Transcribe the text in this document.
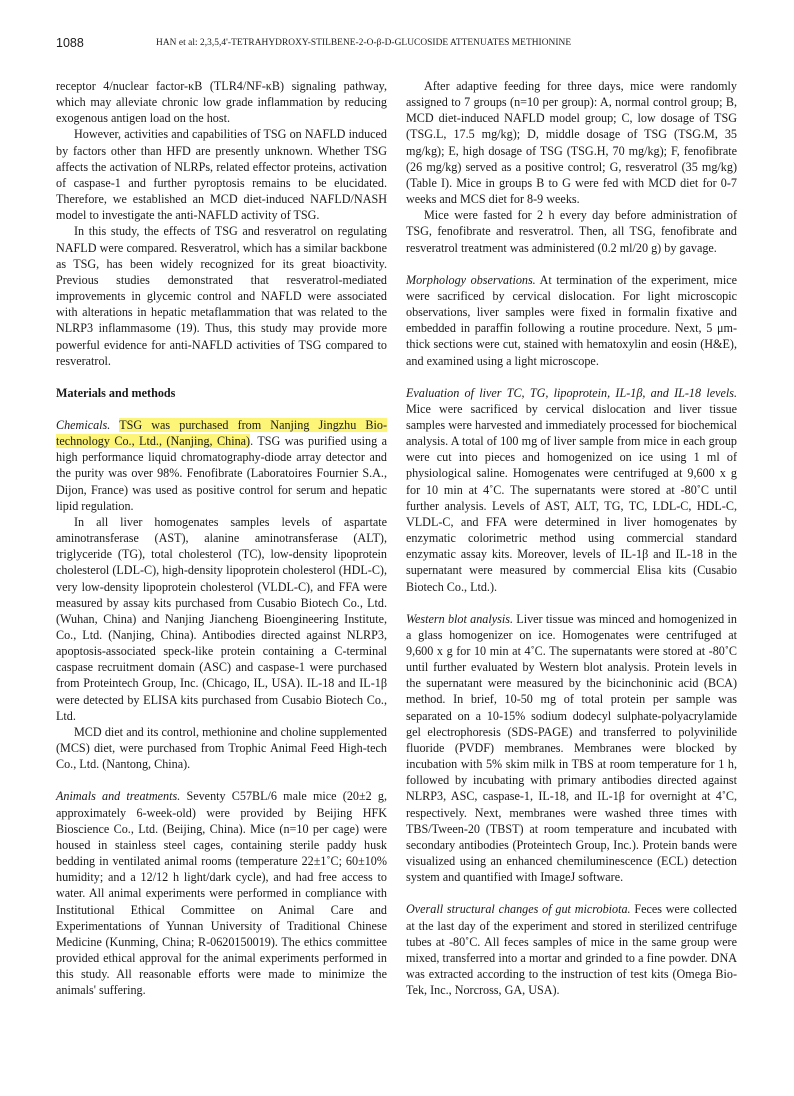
1088	HAN et al: 2,3,5,4'-TETRAHYDROXY-STILBENE-2-O-β-D-GLUCOSIDE ATTENUATES METHIONINE

receptor 4/nuclear factor-κB (TLR4/NF-κB) signaling pathway, which may alleviate chronic low grade inflammation by reducing exogenous antigen load on the host.

However, activities and capabilities of TSG on NAFLD induced by factors other than HFD are presently unknown. Whether TSG affects the activation of NLRPs, related effector proteins, activation of caspase-1 and further pyroptosis remains to be elucidated. Therefore, we established an MCD diet-induced NAFLD/NASH model to investigate the anti-NAFLD activity of TSG.

In this study, the effects of TSG and resveratrol on regulating NAFLD were compared. Resveratrol, which has a similar backbone as TSG, has been widely recognized for its great bioactivity. Previous studies demonstrated that resveratrol-mediated improvements in glycemic control and NAFLD were associated with alterations in hepatic metaflammation that was related to the NLRP3 inflammasome (19). Thus, this study may provide more powerful evidence for anti-NAFLD activities of TSG compared to resveratrol.

Materials and methods

Chemicals. TSG was purchased from Nanjing Jingzhu Bio-technology Co., Ltd., (Nanjing, China). TSG was purified using a high performance liquid chromatography-diode array detector and the purity was over 98%. Fenofibrate (Laboratoires Fournier S.A., Dijon, France) was used as positive control for serum and hepatic lipid regulation.

In all liver homogenates samples levels of aspartate aminotransferase (AST), alanine aminotransferase (ALT), triglyceride (TG), total cholesterol (TC), low-density lipoprotein cholesterol (LDL-C), high-density lipoprotein cholesterol (HDL-C), very low-density lipoprotein cholesterol (VLDL-C), and FFA were measured by assay kits purchased from Cusabio Biotech Co., Ltd. (Wuhan, China) and Nanjing Jiancheng Bioengineering Institute, Co., Ltd. (Nanjing, China). Antibodies directed against NLRP3, apoptosis-associated speck-like protein containing a C-terminal caspase recruitment domain (ASC) and caspase-1 were purchased from Proteintech Group, Inc. (Chicago, IL, USA). IL-18 and IL-1β were detected by ELISA kits purchased from Cusabio Biotech Co., Ltd.

MCD diet and its control, methionine and choline supplemented (MCS) diet, were purchased from Trophic Animal Feed High-tech Co., Ltd. (Nantong, China).

Animals and treatments. Seventy C57BL/6 male mice (20±2 g, approximately 6-week-old) were provided by Beijing HFK Bioscience Co., Ltd. (Beijing, China). Mice (n=10 per cage) were housed in stainless steel cages, containing sterile paddy husk bedding in ventilated animal rooms (temperature 22±1˚C; 60±10% humidity; and a 12/12 h light/dark cycle), and had free access to water. All animal experiments were performed in compliance with Institutional Ethical Committee on Animal Care and Experimentations of Yunnan University of Traditional Chinese Medicine (Kunming, China; R-0620150019). The ethics committee provided ethical approval for the animal experiments performed in this study. All reasonable efforts were made to minimize the animals' suffering.

After adaptive feeding for three days, mice were randomly assigned to 7 groups (n=10 per group): A, normal control group; B, MCD diet-induced NAFLD model group; C, low dosage of TSG (TSG.L, 17.5 mg/kg); D, middle dosage of TSG (TSG.M, 35 mg/kg); E, high dosage of TSG (TSG.H, 70 mg/kg); F, fenofibrate (26 mg/kg) served as a positive control; G, resveratrol (35 mg/kg) (Table I). Mice in groups B to G were fed with MCD diet for 0-7 weeks and MCS diet for 8-9 weeks.

Mice were fasted for 2 h every day before administration of TSG, fenofibrate and resveratrol. Then, all TSG, fenofibrate and resveratrol treatment was administered (0.2 ml/20 g) by gavage.

Morphology observations. At termination of the experiment, mice were sacrificed by cervical dislocation. For light microscopic observations, liver samples were fixed in formalin fixative and embedded in paraffin following a routine procedure. Next, 5 μm-thick sections were cut, stained with hematoxylin and eosin (H&E), and examined using a light microscope.

Evaluation of liver TC, TG, lipoprotein, IL-1β, and IL-18 levels. Mice were sacrificed by cervical dislocation and liver tissue samples were harvested and immediately processed for biochemical analysis. A total of 100 mg of liver sample from mice in each group were cut into pieces and homogenized on ice using 1 ml of physiological saline. Homogenates were centrifuged at 9,600 x g for 10 min at 4˚C. The supernatants were stored at -80˚C until further analysis. Levels of AST, ALT, TG, TC, LDL-C, HDL-C, VLDL-C, and FFA were determined in liver homogenates by enzymatic colorimetric method using commercial standard enzymatic assay kits. Moreover, levels of IL-1β and IL-18 in the supernatant were measured by commercial Elisa kits (Cusabio Biotech Co., Ltd.).

Western blot analysis. Liver tissue was minced and homogenized in a glass homogenizer on ice. Homogenates were centrifuged at 9,600 x g for 10 min at 4˚C. The supernatants were stored at -80˚C until further evaluated by Western blot analysis. Protein levels in the supernatant were measured by the bicinchoninic acid (BCA) method. In brief, 10-50 mg of total protein per sample was separated on a 10-15% sodium dodecyl sulphate-polyacrylamide gel electrophoresis (SDS-PAGE) and transferred to polyvinilide fluoride (PVDF) membranes. Membranes were blocked by incubation with 5% skim milk in TBS at room temperature for 1 h, followed by incubating with primary antibodies directed against NLRP3, ASC, caspase-1, IL-18, and IL-1β for overnight at 4˚C, respectively. Next, membranes were washed three times with TBS/Tween-20 (TBST) at room temperature and incubated with secondary antibodies (Proteintech Group, Inc.). Protein bands were visualized using an enhanced chemiluminescence (ECL) detection system and quantified with ImageJ software.

Overall structural changes of gut microbiota. Feces were collected at the last day of the experiment and stored in sterilized centrifuge tubes at -80˚C. All feces samples of mice in the same group were mixed, transferred into a mortar and grinded to a fine powder. DNA was extracted according to the instruction of test kits (Omega Bio-Tek, Inc., Norcross, GA, USA).
